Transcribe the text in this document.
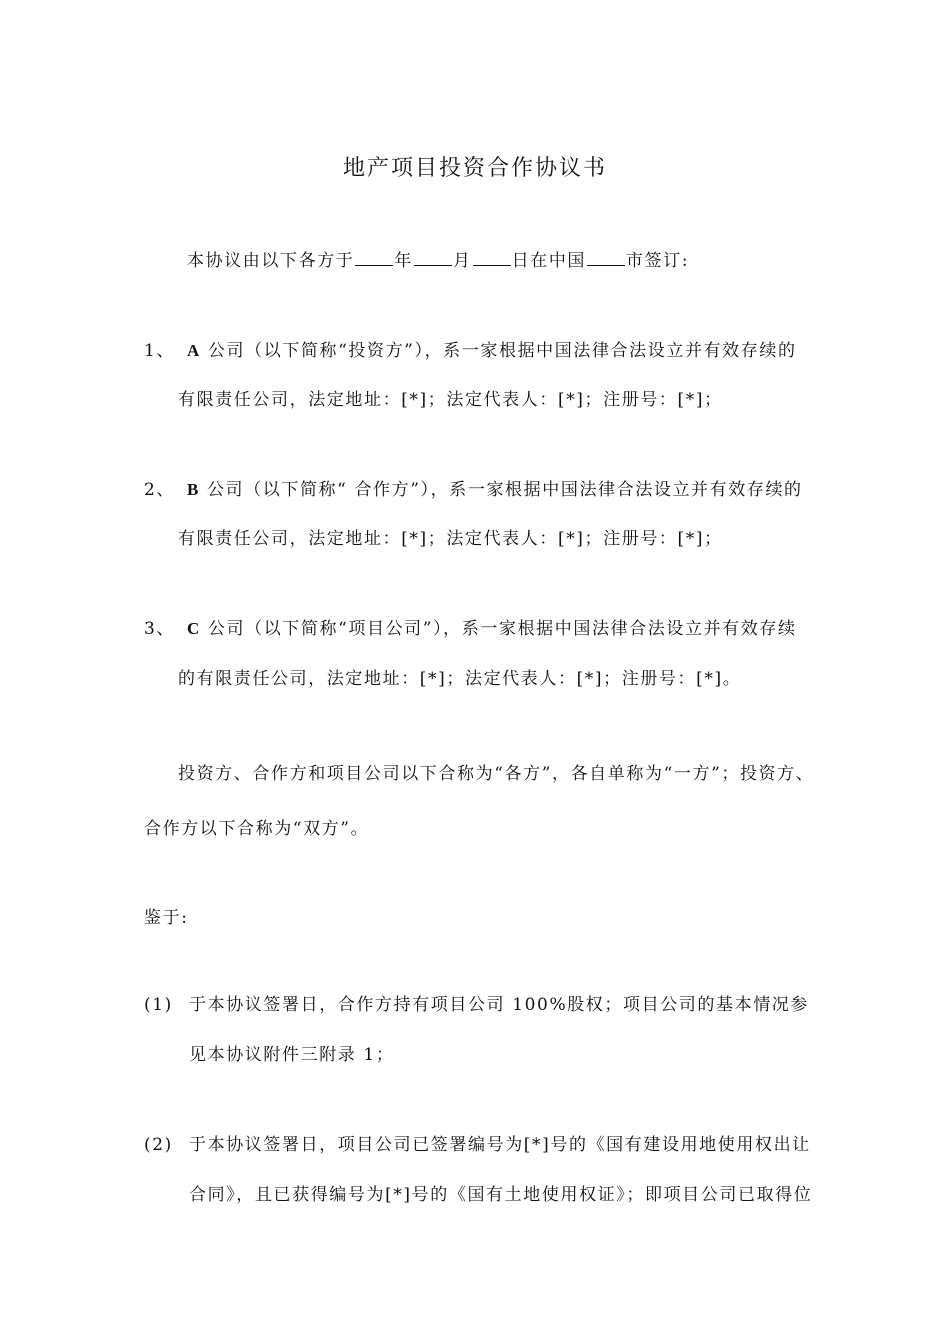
地产项目投资合作协议书
本协议由以下各方于 年 月 日在中国 市签订:
1、 A 公司（以下简称“投资方”），系一家根据中国法律合法设立并有效存续的
有限责任公司，法定地址：[*]；法定代表人：[*]；注册号：[*]；
2、 B 公司（以下简称“ 合作方”），系一家根据中国法律合法设立并有效存续的
有限责任公司，法定地址：[*]；法定代表人：[*]；注册号：[*]；
3、 C 公司（以下简称“项目公司”），系一家根据中国法律合法设立并有效存续
的有限责任公司，法定地址：[*]；法定代表人：[*]；注册号：[*]。
投资方、合作方和项目公司以下合称为“各方”，各自单称为“一方”；投资方、
合作方以下合称为“双方”。
鉴于:
(1) 于本协议签署日，合作方持有项目公司 100%股权；项目公司的基本情况参
见本协议附件三附录 1；
(2) 于本协议签署日，项目公司已签署编号为[*]号的《国有建设用地使用权出让
合同》，且已获得编号为[*]号的《国有土地使用权证》；即项目公司已取得位
